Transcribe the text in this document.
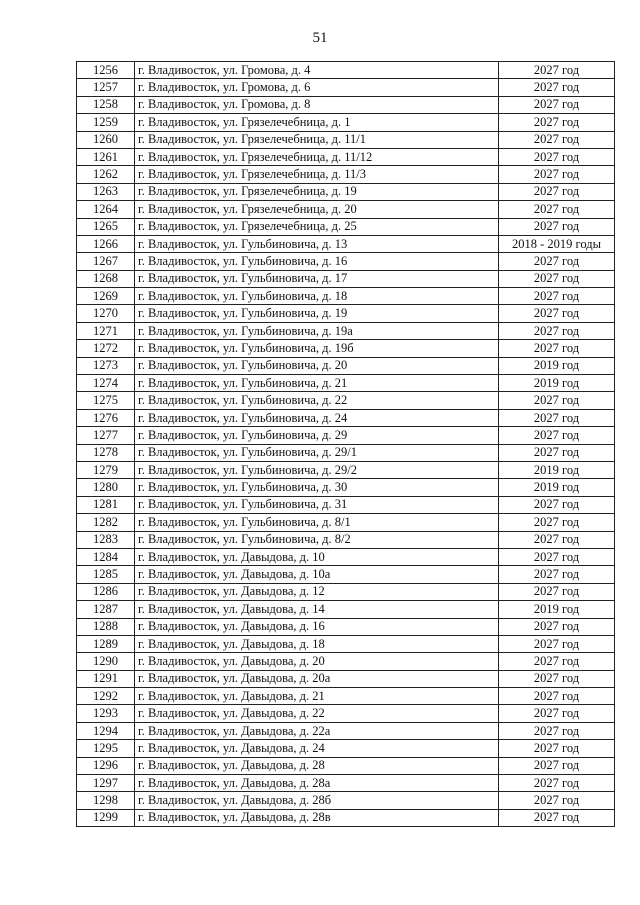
51
1256	г. Владивосток, ул. Громова, д. 4	2027 год
1257	г. Владивосток, ул. Громова, д. 6	2027 год
1258	г. Владивосток, ул. Громова, д. 8	2027 год
1259	г. Владивосток, ул. Грязелечебница, д. 1	2027 год
1260	г. Владивосток, ул. Грязелечебница, д. 11/1	2027 год
1261	г. Владивосток, ул. Грязелечебница, д. 11/12	2027 год
1262	г. Владивосток, ул. Грязелечебница, д. 11/3	2027 год
1263	г. Владивосток, ул. Грязелечебница, д. 19	2027 год
1264	г. Владивосток, ул. Грязелечебница, д. 20	2027 год
1265	г. Владивосток, ул. Грязелечебница, д. 25	2027 год
1266	г. Владивосток, ул. Гульбиновича, д. 13	2018 - 2019 годы
1267	г. Владивосток, ул. Гульбиновича, д. 16	2027 год
1268	г. Владивосток, ул. Гульбиновича, д. 17	2027 год
1269	г. Владивосток, ул. Гульбиновича, д. 18	2027 год
1270	г. Владивосток, ул. Гульбиновича, д. 19	2027 год
1271	г. Владивосток, ул. Гульбиновича, д. 19а	2027 год
1272	г. Владивосток, ул. Гульбиновича, д. 19б	2027 год
1273	г. Владивосток, ул. Гульбиновича, д. 20	2019 год
1274	г. Владивосток, ул. Гульбиновича, д. 21	2019 год
1275	г. Владивосток, ул. Гульбиновича, д. 22	2027 год
1276	г. Владивосток, ул. Гульбиновича, д. 24	2027 год
1277	г. Владивосток, ул. Гульбиновича, д. 29	2027 год
1278	г. Владивосток, ул. Гульбиновича, д. 29/1	2027 год
1279	г. Владивосток, ул. Гульбиновича, д. 29/2	2019 год
1280	г. Владивосток, ул. Гульбиновича, д. 30	2019 год
1281	г. Владивосток, ул. Гульбиновича, д. 31	2027 год
1282	г. Владивосток, ул. Гульбиновича, д. 8/1	2027 год
1283	г. Владивосток, ул. Гульбиновича, д. 8/2	2027 год
1284	г. Владивосток, ул. Давыдова, д. 10	2027 год
1285	г. Владивосток, ул. Давыдова, д. 10а	2027 год
1286	г. Владивосток, ул. Давыдова, д. 12	2027 год
1287	г. Владивосток, ул. Давыдова, д. 14	2019 год
1288	г. Владивосток, ул. Давыдова, д. 16	2027 год
1289	г. Владивосток, ул. Давыдова, д. 18	2027 год
1290	г. Владивосток, ул. Давыдова, д. 20	2027 год
1291	г. Владивосток, ул. Давыдова, д. 20а	2027 год
1292	г. Владивосток, ул. Давыдова, д. 21	2027 год
1293	г. Владивосток, ул. Давыдова, д. 22	2027 год
1294	г. Владивосток, ул. Давыдова, д. 22а	2027 год
1295	г. Владивосток, ул. Давыдова, д. 24	2027 год
1296	г. Владивосток, ул. Давыдова, д. 28	2027 год
1297	г. Владивосток, ул. Давыдова, д. 28а	2027 год
1298	г. Владивосток, ул. Давыдова, д. 28б	2027 год
1299	г. Владивосток, ул. Давыдова, д. 28в	2027 год
